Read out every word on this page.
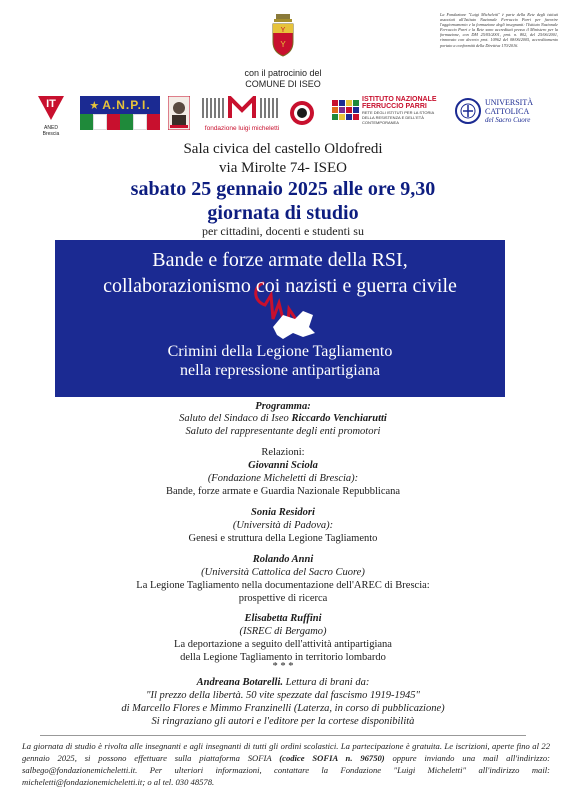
Y
Y
con il patrocinio del
COMUNE DI ISEO
La Fondazione "Luigi Micheletti" è parte della Rete degli istituti associati all'Istituto Nazionale Ferruccio Parri per favorire l'aggiornamento e la formazione degli insegnanti: l'Istituto Nazionale Ferruccio Parri e la Rete sono accreditati presso il Ministero per la formazione, con DM 25/05/2001, prot. n. 802, del 25/06/2001, rinnovato con decreto prot. 10962 del 08/06/2005, accreditamento portato a conformità della Direttiva 170/2016.
IT
ANED Brescia
★ A.N.P.I.
fondazione luigi micheletti
ISTITUTO NAZIONALE
FERRUCCIO PARRI
RETE DEGLI ISTITUTI PER LA STORIA DELLA RESISTENZA E DELL'ETÀ CONTEMPORANEA
UNIVERSITÀ
CATTOLICA
del Sacro Cuore
Sala civica del castello Oldofredi
via Mirolte 74- ISEO
sabato 25 gennaio 2025 alle ore 9,30
giornata di studio
per cittadini, docenti e studenti su
Bande e forze armate della RSI,
collaborazionismo coi nazisti e guerra civile
Crimini della Legione Tagliamento
nella repressione antipartigiana
Programma:
Saluto del Sindaco di Iseo Riccardo Venchiarutti
Saluto del rappresentante degli enti promotori
Relazioni:
Giovanni Sciola
(Fondazione Micheletti di Brescia):
Bande, forze armate e Guardia Nazionale Repubblicana
Sonia Residori
(Università di Padova):
Genesi e struttura della Legione Tagliamento
Rolando Anni
(Università Cattolica del Sacro Cuore)
La Legione Tagliamento nella documentazione dell'AREC di Brescia:
prospettive di ricerca
Elisabetta Ruffini
(ISREC di Bergamo)
La deportazione a seguito dell'attività antipartigiana
della Legione Tagliamento in territorio lombardo
* * *
Andreana Botarelli. Lettura di brani da:
"Il prezzo della libertà. 50 vite spezzate dal fascismo 1919-1945"
di Marcello Flores e Mimmo Franzinelli (Laterza, in corso di pubblicazione)
Si ringraziano gli autori e l'editore per la cortese disponibilità
La giornata di studio è rivolta alle insegnanti e agli insegnanti di tutti gli ordini scolastici. La partecipazione è gratuita. Le iscrizioni, aperte fino al 22 gennaio 2025, si possono effettuare sulla piattaforma SOFIA (codice SOFIA n. 96750) oppure inviando una mail all'indirizzo: salbego@fondazionemicheletti.it. Per ulteriori informazioni, contattare la Fondazione "Luigi Micheletti" all'indirizzo mail: micheletti@fondazionemicheletti.it; o al tel. 030 48578.
